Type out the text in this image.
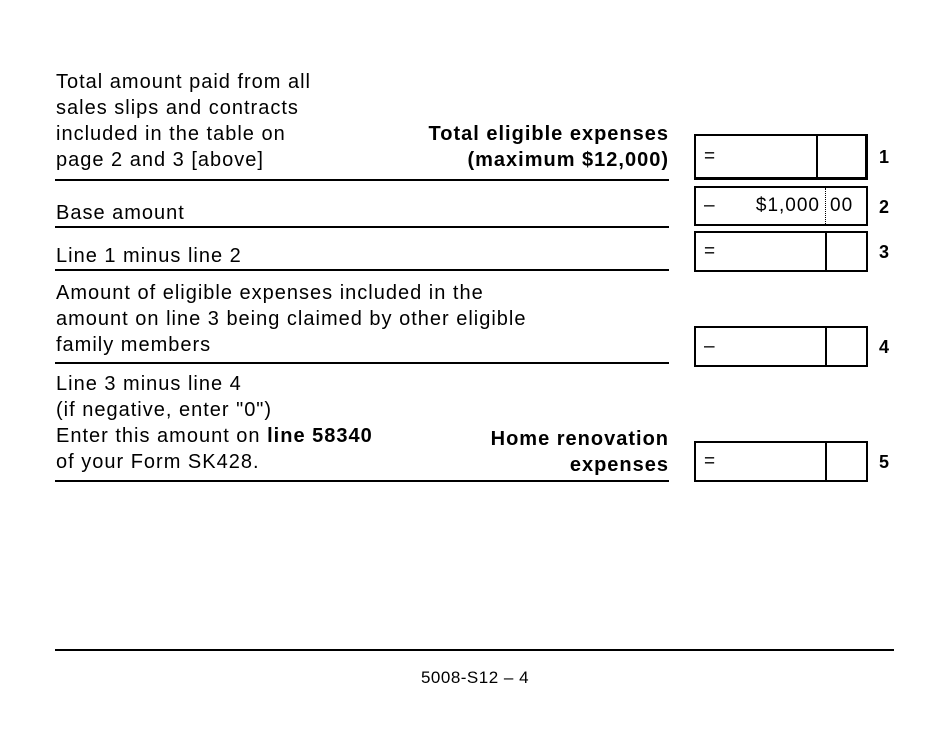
Total amount paid from all
sales slips and contracts
included in the table on
page 2 and 3 [above]
Total eligible expenses
(maximum $12,000) =	1
Base amount	– $1,000 00 2
Line 1 minus line 2	=	3
Amount of eligible expenses included in the
amount on line 3 being claimed by other eligible
family members	–	4
Line 3 minus line 4
(if negative, enter "0")
Enter this amount on line 58340
of your Form SK428.
Home renovation
expenses =	5
5008-S12 – 4
